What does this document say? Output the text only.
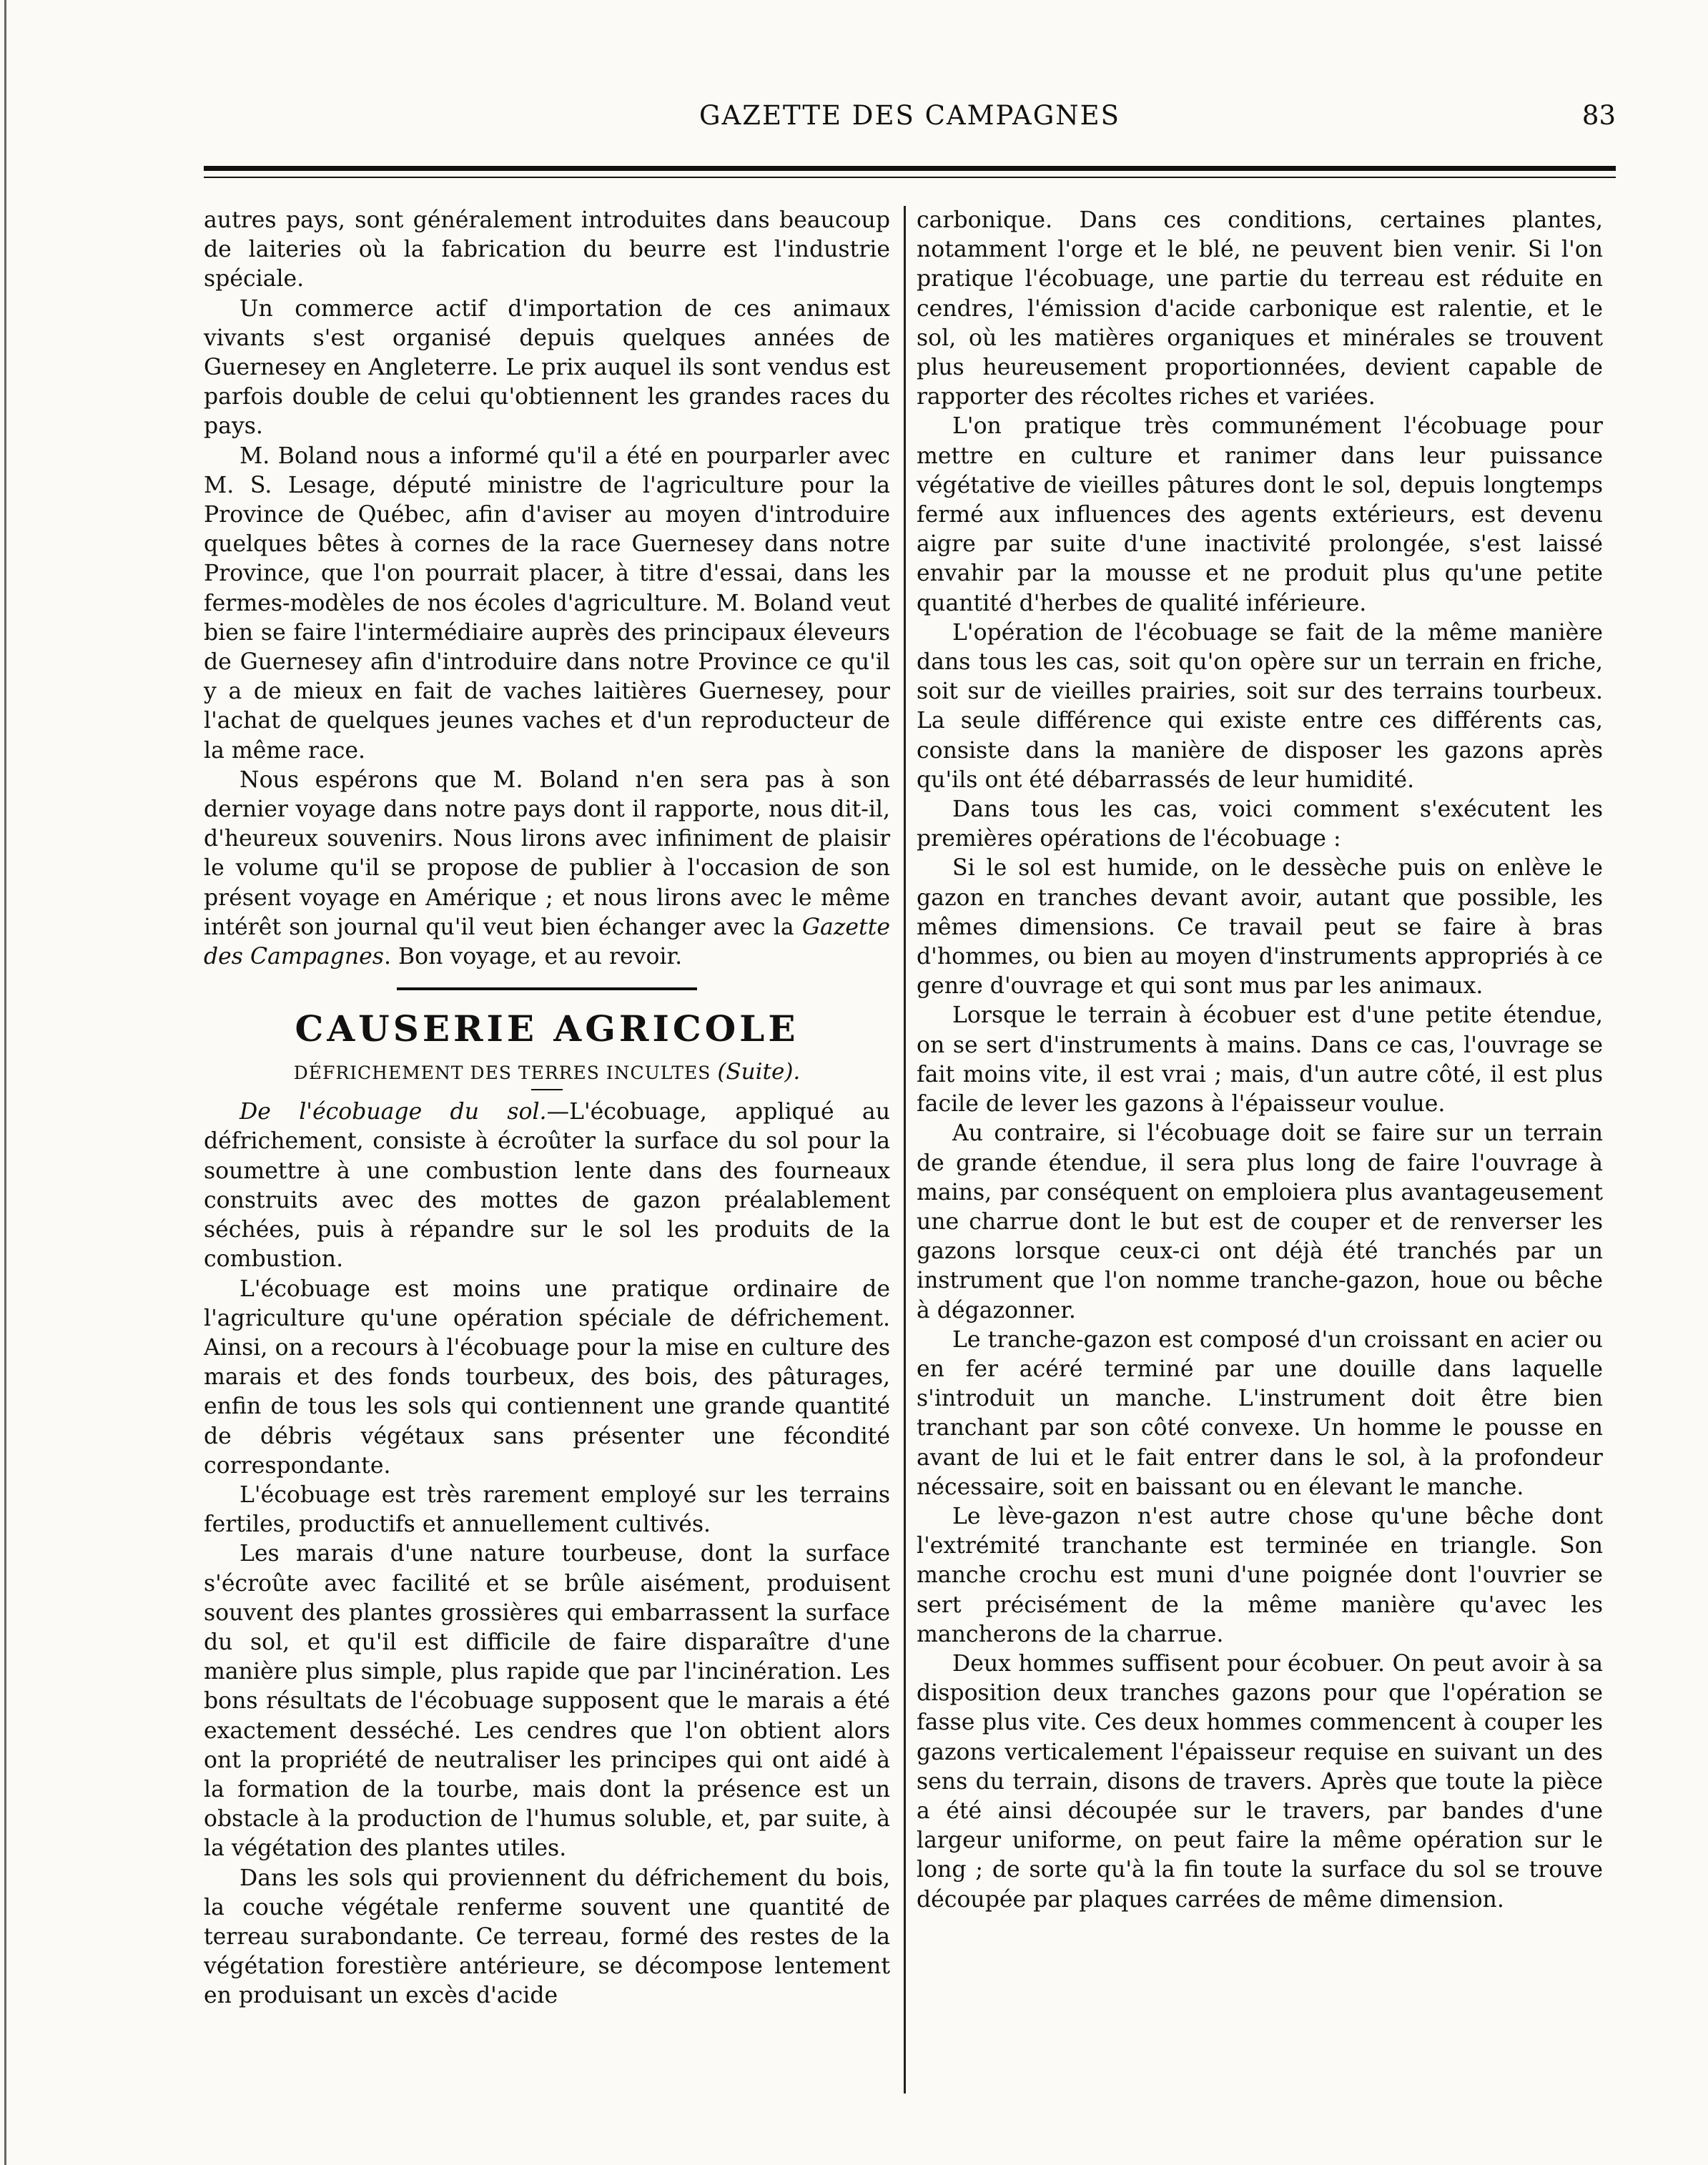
GAZETTE DES CAMPAGNES	83

autres pays, sont généralement introduites dans beaucoup de laiteries où la fabrication du beurre est l'industrie spéciale.

Un commerce actif d'importation de ces animaux vivants s'est organisé depuis quelques années de Guernesey en Angleterre. Le prix auquel ils sont vendus est parfois double de celui qu'obtiennent les grandes races du pays.

M. Boland nous a informé qu'il a été en pourparler avec M. S. Lesage, député ministre de l'agriculture pour la Province de Québec, afin d'aviser au moyen d'introduire quelques bêtes à cornes de la race Guernesey dans notre Province, que l'on pourrait placer, à titre d'essai, dans les fermes-modèles de nos écoles d'agriculture. M. Boland veut bien se faire l'intermédiaire auprès des principaux éleveurs de Guernesey afin d'introduire dans notre Province ce qu'il y a de mieux en fait de vaches laitières Guernesey, pour l'achat de quelques jeunes vaches et d'un reproducteur de la même race.

Nous espérons que M. Boland n'en sera pas à son dernier voyage dans notre pays dont il rapporte, nous dit-il, d'heureux souvenirs. Nous lirons avec infiniment de plaisir le volume qu'il se propose de publier à l'occasion de son présent voyage en Amérique ; et nous lirons avec le même intérêt son journal qu'il veut bien échanger avec la Gazette des Campagnes. Bon voyage, et au revoir.

CAUSERIE AGRICOLE
DÉFRICHEMENT DES TERRES INCULTES (Suite).

De l'écobuage du sol.—L'écobuage, appliqué au défrichement, consiste à écroûter la surface du sol pour la soumettre à une combustion lente dans des fourneaux construits avec des mottes de gazon préalablement séchées, puis à répandre sur le sol les produits de la combustion.

L'écobuage est moins une pratique ordinaire de l'agriculture qu'une opération spéciale de défrichement. Ainsi, on a recours à l'écobuage pour la mise en culture des marais et des fonds tourbeux, des bois, des pâturages, enfin de tous les sols qui contiennent une grande quantité de débris végétaux sans présenter une fécondité correspondante.

L'écobuage est très rarement employé sur les terrains fertiles, productifs et annuellement cultivés.

Les marais d'une nature tourbeuse, dont la surface s'écroûte avec facilité et se brûle aisément, produisent souvent des plantes grossières qui embarrassent la surface du sol, et qu'il est difficile de faire disparaître d'une manière plus simple, plus rapide que par l'incinération. Les bons résultats de l'écobuage supposent que le marais a été exactement desséché. Les cendres que l'on obtient alors ont la propriété de neutraliser les principes qui ont aidé à la formation de la tourbe, mais dont la présence est un obstacle à la production de l'humus soluble, et, par suite, à la végétation des plantes utiles.

Dans les sols qui proviennent du défrichement du bois, la couche végétale renferme souvent une quantité de terreau surabondante. Ce terreau, formé des restes de la végétation forestière antérieure, se décompose lentement en produisant un excès d'acide

carbonique. Dans ces conditions, certaines plantes, notamment l'orge et le blé, ne peuvent bien venir. Si l'on pratique l'écobuage, une partie du terreau est réduite en cendres, l'émission d'acide carbonique est ralentie, et le sol, où les matières organiques et minérales se trouvent plus heureusement proportionnées, devient capable de rapporter des récoltes riches et variées.

L'on pratique très communément l'écobuage pour mettre en culture et ranimer dans leur puissance végétative de vieilles pâtures dont le sol, depuis longtemps fermé aux influences des agents extérieurs, est devenu aigre par suite d'une inactivité prolongée, s'est laissé envahir par la mousse et ne produit plus qu'une petite quantité d'herbes de qualité inférieure.

L'opération de l'écobuage se fait de la même manière dans tous les cas, soit qu'on opère sur un terrain en friche, soit sur de vieilles prairies, soit sur des terrains tourbeux. La seule différence qui existe entre ces différents cas, consiste dans la manière de disposer les gazons après qu'ils ont été débarrassés de leur humidité.

Dans tous les cas, voici comment s'exécutent les premières opérations de l'écobuage :

Si le sol est humide, on le dessèche puis on enlève le gazon en tranches devant avoir, autant que possible, les mêmes dimensions. Ce travail peut se faire à bras d'hommes, ou bien au moyen d'instruments appropriés à ce genre d'ouvrage et qui sont mus par les animaux.

Lorsque le terrain à écobuer est d'une petite étendue, on se sert d'instruments à mains. Dans ce cas, l'ouvrage se fait moins vite, il est vrai ; mais, d'un autre côté, il est plus facile de lever les gazons à l'épaisseur voulue.

Au contraire, si l'écobuage doit se faire sur un terrain de grande étendue, il sera plus long de faire l'ouvrage à mains, par conséquent on emploiera plus avantageusement une charrue dont le but est de couper et de renverser les gazons lorsque ceux-ci ont déjà été tranchés par un instrument que l'on nomme tranche-gazon, houe ou bêche à dégazonner.

Le tranche-gazon est composé d'un croissant en acier ou en fer acéré terminé par une douille dans laquelle s'introduit un manche. L'instrument doit être bien tranchant par son côté convexe. Un homme le pousse en avant de lui et le fait entrer dans le sol, à la profondeur nécessaire, soit en baissant ou en élevant le manche.

Le lève-gazon n'est autre chose qu'une bêche dont l'extrémité tranchante est terminée en triangle. Son manche crochu est muni d'une poignée dont l'ouvrier se sert précisément de la même manière qu'avec les mancherons de la charrue.

Deux hommes suffisent pour écobuer. On peut avoir à sa disposition deux tranches gazons pour que l'opération se fasse plus vite. Ces deux hommes commencent à couper les gazons verticalement l'épaisseur requise en suivant un des sens du terrain, disons de travers. Après que toute la pièce a été ainsi découpée sur le travers, par bandes d'une largeur uniforme, on peut faire la même opération sur le long ; de sorte qu'à la fin toute la surface du sol se trouve découpée par plaques carrées de même dimension.
